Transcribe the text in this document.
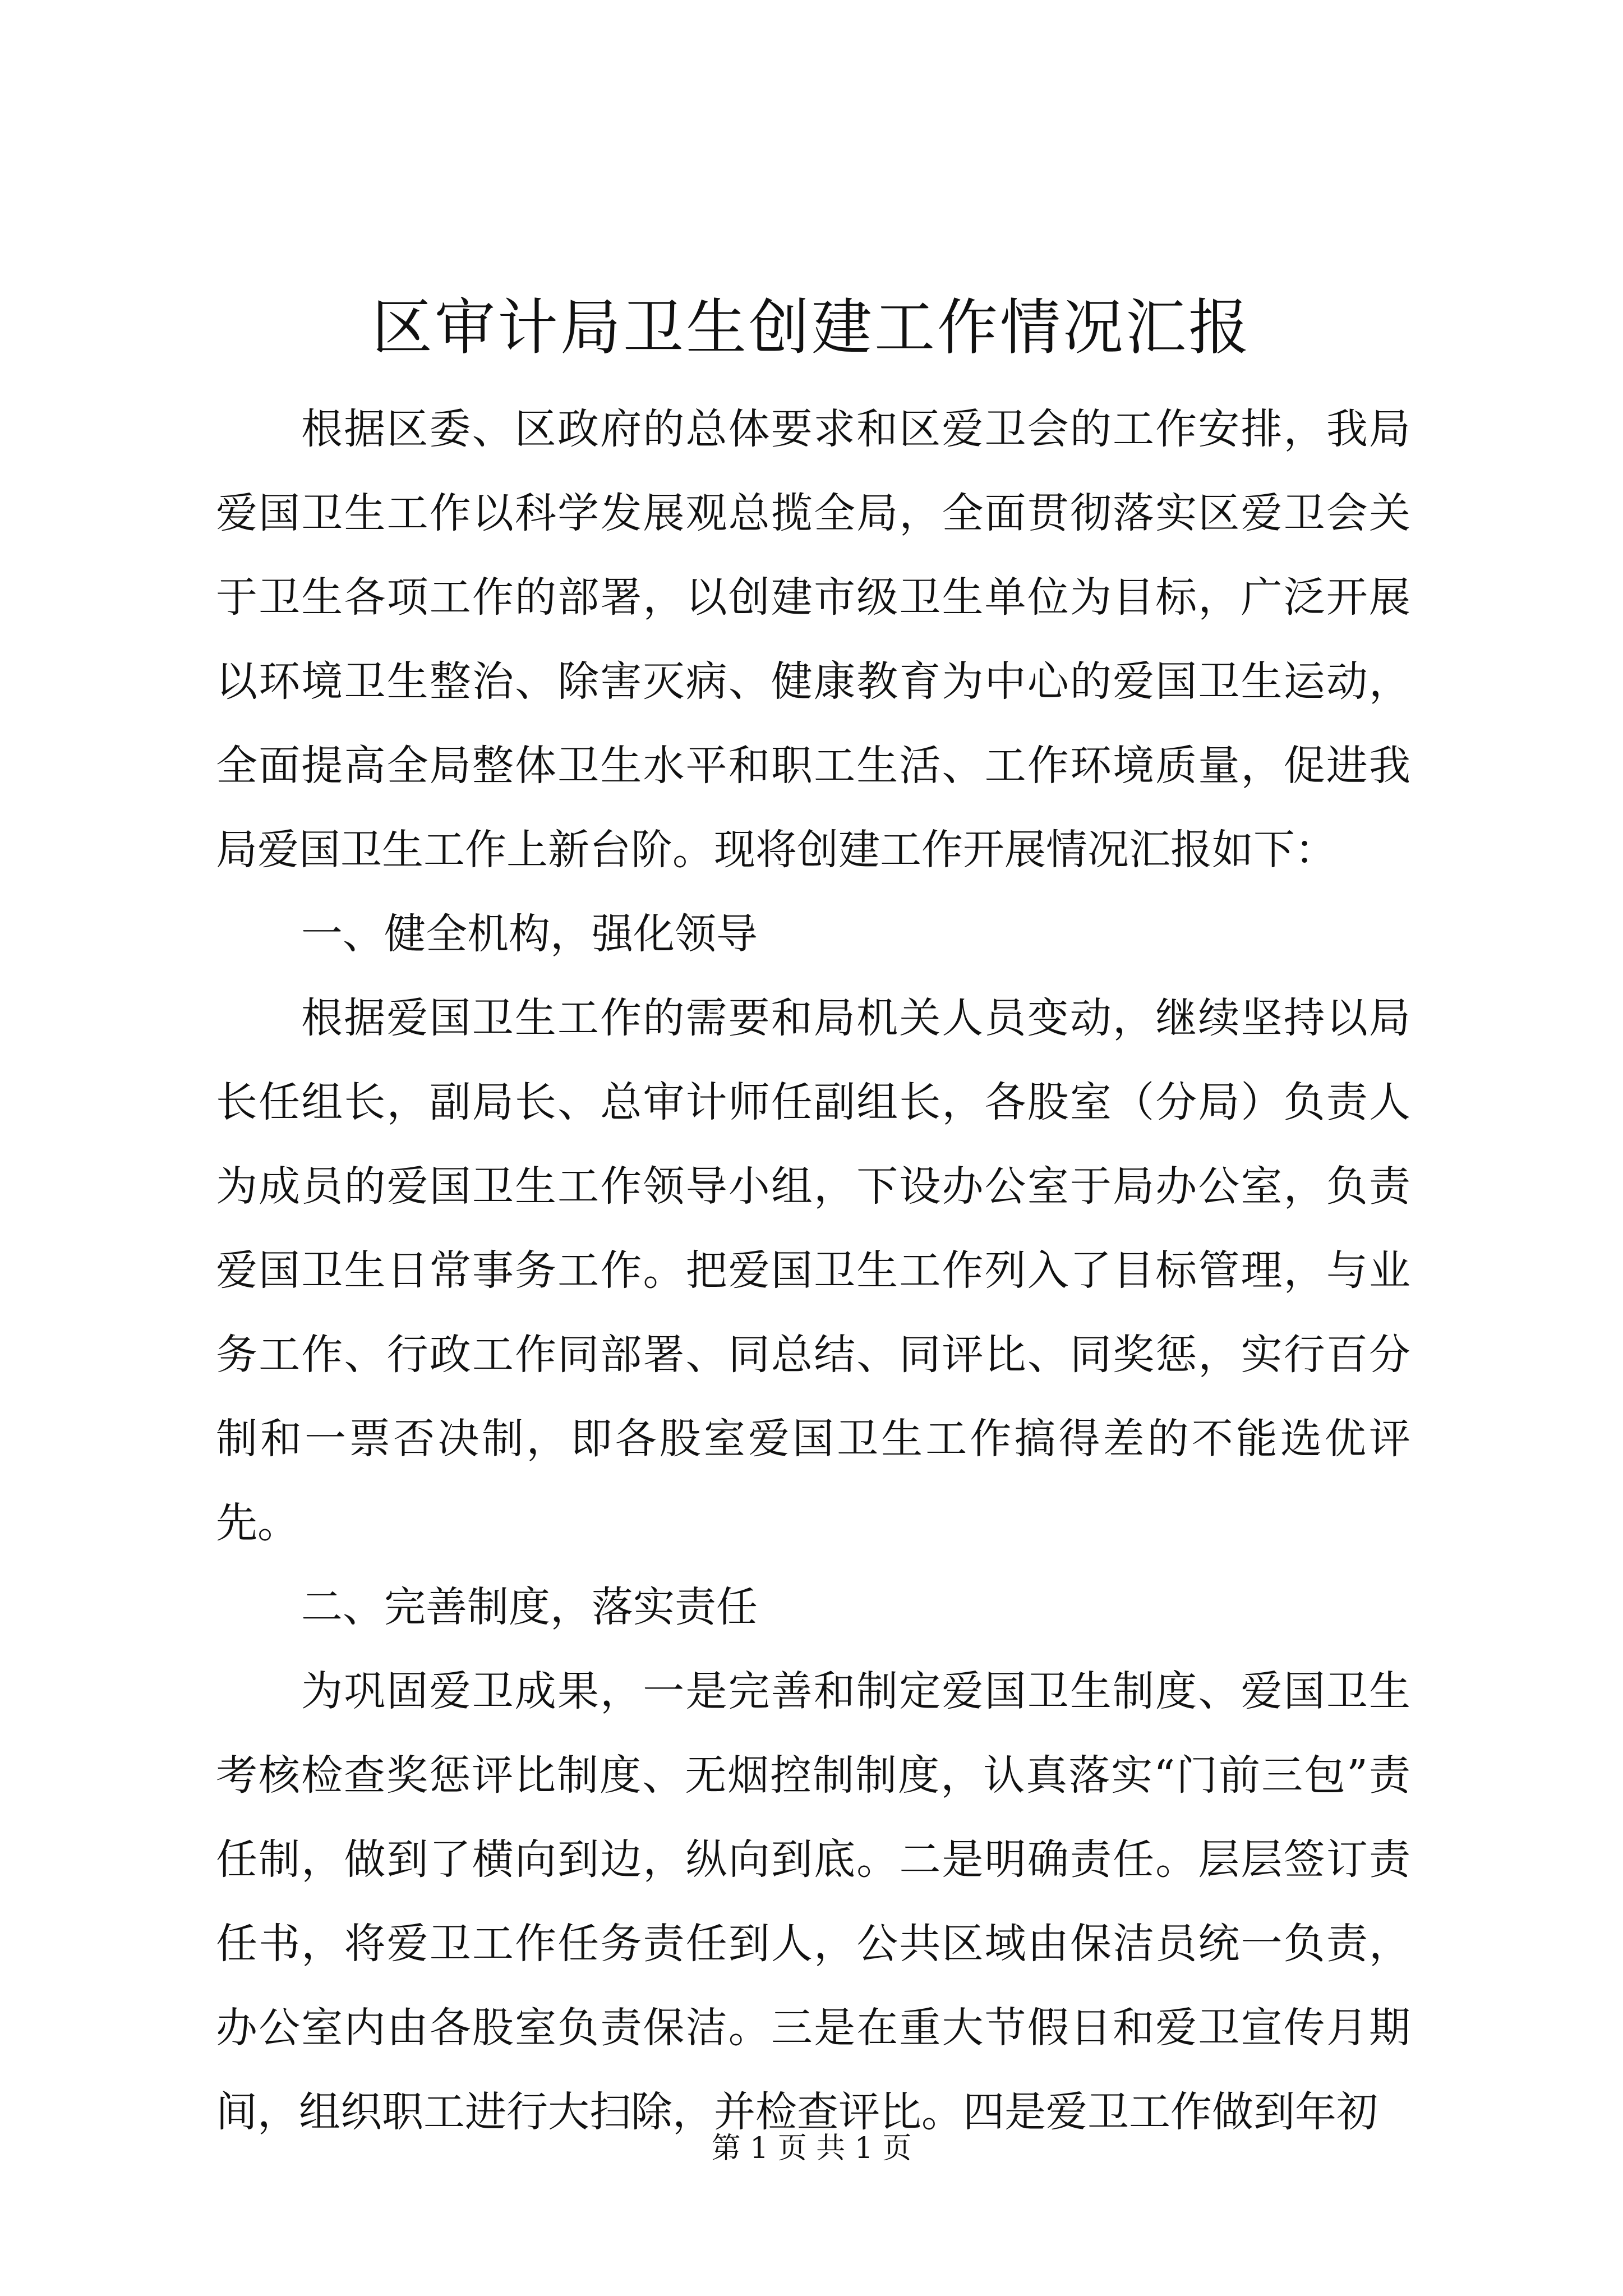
区审计局卫生创建工作情况汇报

根据区委、区政府的总体要求和区爱卫会的工作安排，我局爱国卫生工作以科学发展观总揽全局，全面贯彻落实区爱卫会关于卫生各项工作的部署，以创建市级卫生单位为目标，广泛开展以环境卫生整治、除害灭病、健康教育为中心的爱国卫生运动，全面提高全局整体卫生水平和职工生活、工作环境质量，促进我局爱国卫生工作上新台阶。现将创建工作开展情况汇报如下：

一、健全机构，强化领导

根据爱国卫生工作的需要和局机关人员变动，继续坚持以局长任组长，副局长、总审计师任副组长，各股室（分局）负责人为成员的爱国卫生工作领导小组，下设办公室于局办公室，负责爱国卫生日常事务工作。把爱国卫生工作列入了目标管理，与业务工作、行政工作同部署、同总结、同评比、同奖惩，实行百分制和一票否决制，即各股室爱国卫生工作搞得差的不能选优评先。

二、完善制度，落实责任

为巩固爱卫成果，一是完善和制定爱国卫生制度、爱国卫生考核检查奖惩评比制度、无烟控制制度，认真落实“门前三包”责任制，做到了横向到边，纵向到底。二是明确责任。层层签订责任书，将爱卫工作任务责任到人，公共区域由保洁员统一负责，办公室内由各股室负责保洁。三是在重大节假日和爱卫宣传月期间，组织职工进行大扫除，并检查评比。四是爱卫工作做到年初

第 1 页 共 1 页
